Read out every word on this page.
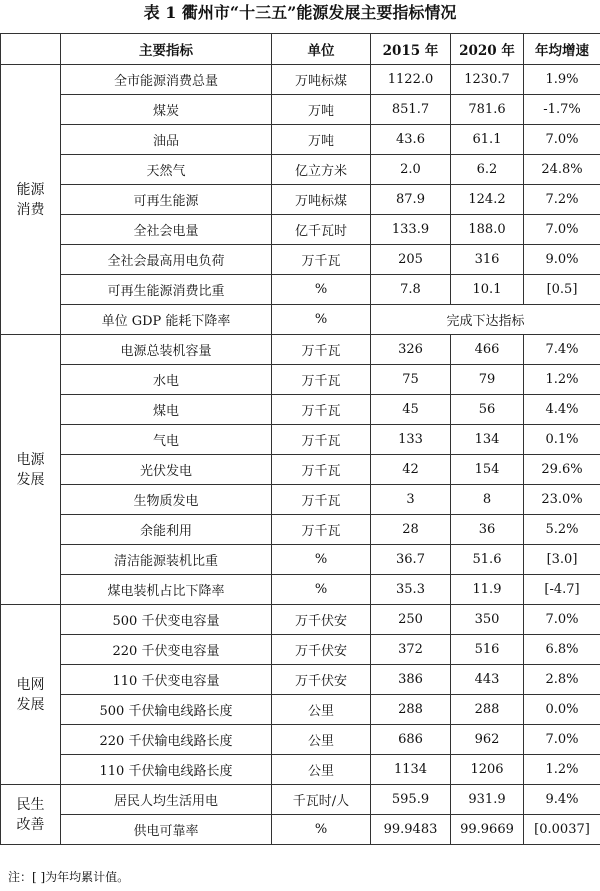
表 1 衢州市“十三五”能源发展主要指标情况
	主要指标	单位	2015 年	2020 年	年均增速

能源消费	全市能源消费总量	万吨标煤	1122.0	1230.7	1.9%
	煤炭	万吨	851.7	781.6	-1.7%
	油品	万吨	43.6	61.1	7.0%
	天然气	亿立方米	2.0	6.2	24.8%
	可再生能源	万吨标煤	87.9	124.2	7.2%
	全社会电量	亿千瓦时	133.9	188.0	7.0%
	全社会最高用电负荷	万千瓦	205	316	9.0%
	可再生能源消费比重	%	7.8	10.1	[0.5]
	单位 GDP 能耗下降率	%	完成下达指标		

电源发展	电源总装机容量	万千瓦	326	466	7.4%
	水电	万千瓦	75	79	1.2%
	煤电	万千瓦	45	56	4.4%
	气电	万千瓦	133	134	0.1%
	光伏发电	万千瓦	42	154	29.6%
	生物质发电	万千瓦	3	8	23.0%
	余能利用	万千瓦	28	36	5.2%
	清洁能源装机比重	%	36.7	51.6	[3.0]
	煤电装机占比下降率	%	35.3	11.9	[-4.7]

电网发展	500 千伏变电容量	万千伏安	250	350	7.0%
	220 千伏变电容量	万千伏安	372	516	6.8%
	110 千伏变电容量	万千伏安	386	443	2.8%
	500 千伏输电线路长度	公里	288	288	0.0%
	220 千伏输电线路长度	公里	686	962	7.0%
	110 千伏输电线路长度	公里	1134	1206	1.2%

民生改善	居民人均生活用电	千瓦时/人	595.9	931.9	9.4%
	供电可靠率	%	99.9483	99.9669	[0.0037]
注：[ ]为年均累计值。
